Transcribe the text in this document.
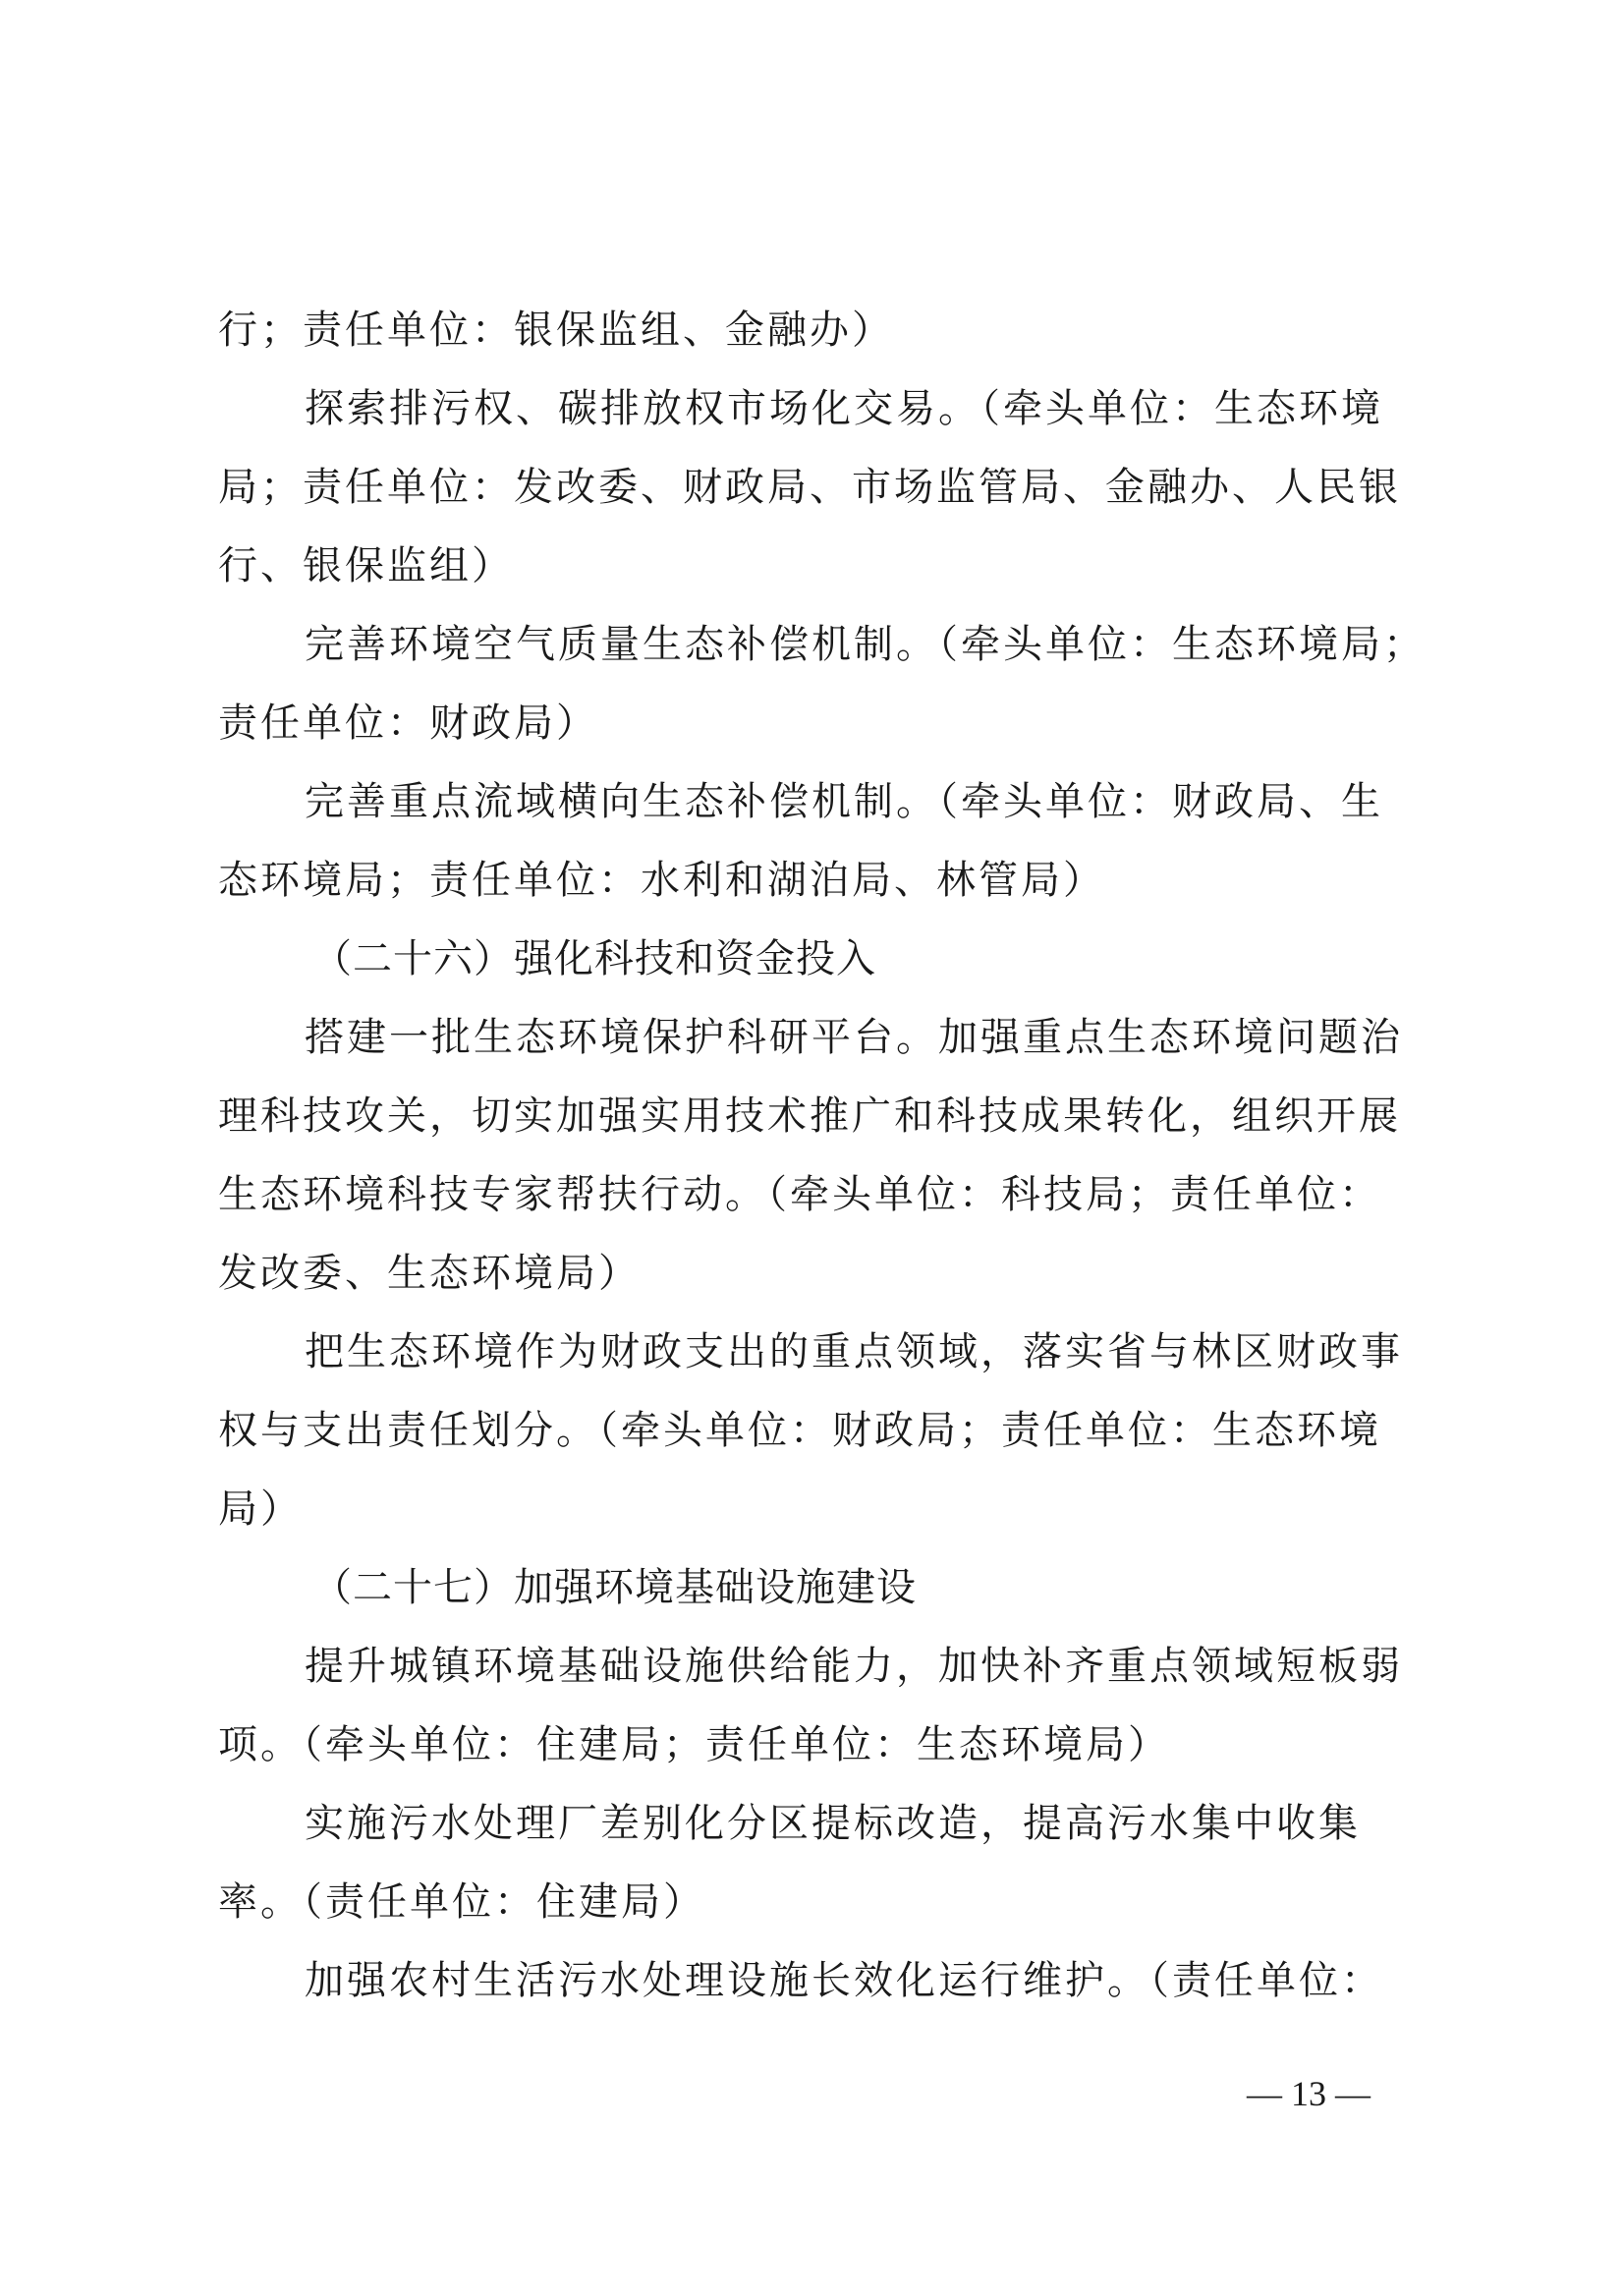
行；责任单位：银保监组、金融办）
探索排污权、碳排放权市场化交易。（牵头单位：生态环境
局；责任单位：发改委、财政局、市场监管局、金融办、人民银
行、银保监组）
完善环境空气质量生态补偿机制。（牵头单位：生态环境局；
责任单位：财政局）
完善重点流域横向生态补偿机制。（牵头单位：财政局、生
态环境局；责任单位：水利和湖泊局、林管局）
（二十六）强化科技和资金投入
搭建一批生态环境保护科研平台。加强重点生态环境问题治
理科技攻关，切实加强实用技术推广和科技成果转化，组织开展
生态环境科技专家帮扶行动。（牵头单位：科技局；责任单位：
发改委、生态环境局）
把生态环境作为财政支出的重点领域，落实省与林区财政事
权与支出责任划分。（牵头单位：财政局；责任单位：生态环境
局）
（二十七）加强环境基础设施建设
提升城镇环境基础设施供给能力，加快补齐重点领域短板弱
项。（牵头单位：住建局；责任单位：生态环境局）
实施污水处理厂差别化分区提标改造，提高污水集中收集
率。（责任单位：住建局）
加强农村生活污水处理设施长效化运行维护。（责任单位：
— 13 —
